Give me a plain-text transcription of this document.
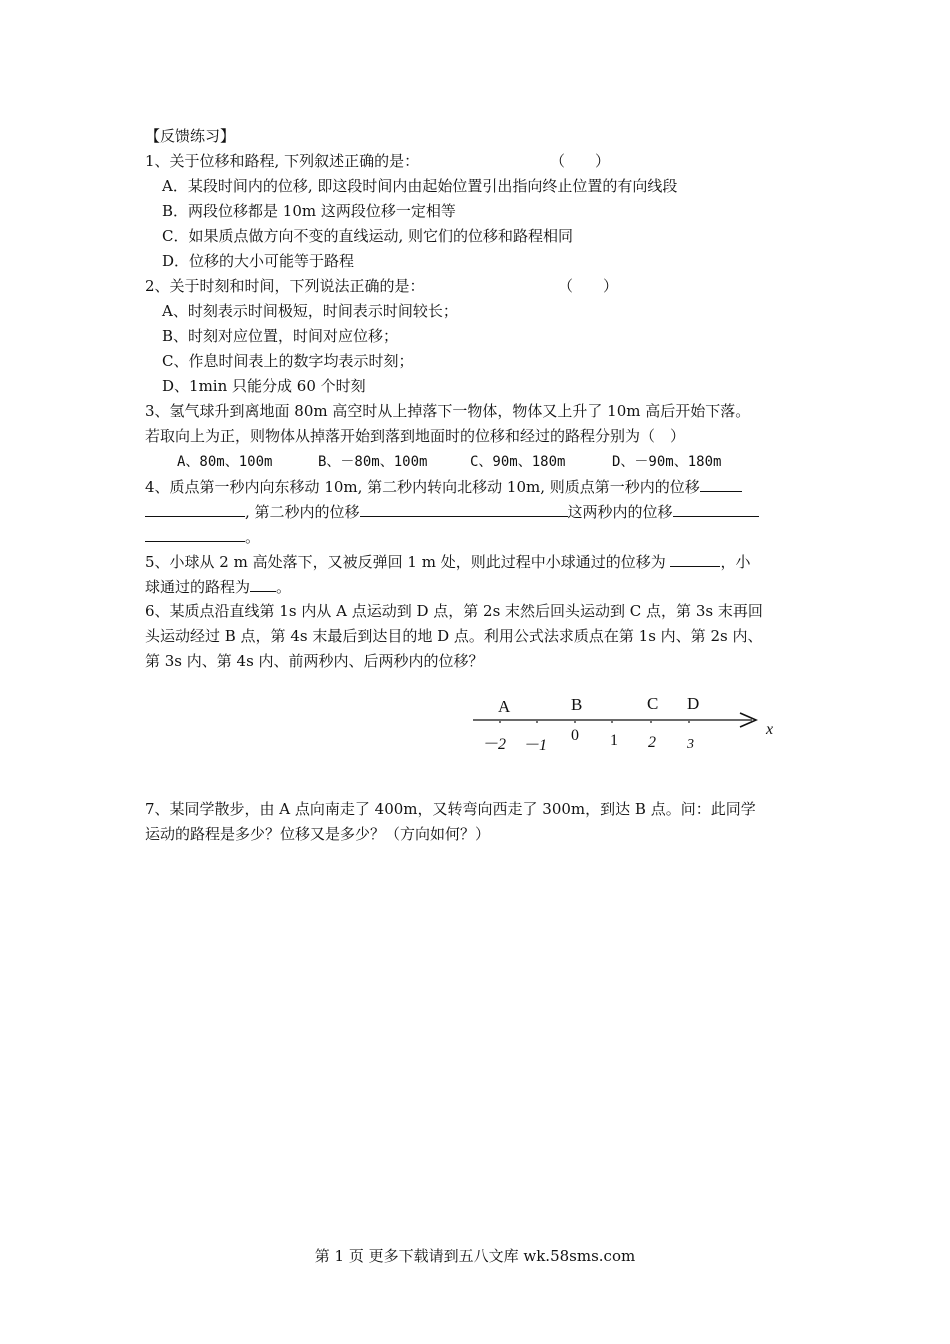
【反馈练习】
1、关于位移和路程, 下列叙述正确的是：	（　　）
A．某段时间内的位移, 即这段时间内由起始位置引出指向终止位置的有向线段
B．两段位移都是 10m 这两段位移一定相等
C．如果质点做方向不变的直线运动, 则它们的位移和路程相同
D．位移的大小可能等于路程
2、关于时刻和时间，下列说法正确的是：	（　　）
A、时刻表示时间极短，时间表示时间较长；
B、时刻对应位置，时间对应位移；
C、作息时间表上的数字均表示时刻；
D、1min 只能分成 60 个时刻
3、氢气球升到离地面 80m 高空时从上掉落下一物体，物体又上升了 10m 高后开始下落。
若取向上为正，则物体从掉落开始到落到地面时的位移和经过的路程分别为（　）
A、80m、100m	B、－80m、100m	C、90m、180m	D、－90m、180m
4、质点第一秒内向东移动 10m, 第二秒内转向北移动 10m, 则质点第一秒内的位移
, 第二秒内的位移	这两秒内的位移
。
5、小球从 2 m 高处落下，又被反弹回 1 m 处，则此过程中小球通过的位移为	，小
球通过的路程为 。
6、某质点沿直线第 1s 内从 A 点运动到 D 点，第 2s 末然后回头运动到 C 点，第 3s 末再回
头运动经过 B 点，第 4s 末最后到达目的地 D 点。利用公式法求质点在第 1s 内、第 2s 内、
第 3s 内、第 4s 内、前两秒内、后两秒内的位移？
A	B	C D
－2 －1
0 1 2 3
x
7、某同学散步，由 A 点向南走了 400m，又转弯向西走了 300m，到达 B 点。问：此同学
运动的路程是多少？位移又是多少？（方向如何？）
第 1 页 更多下载请到五八文库 wk.58sms.com
